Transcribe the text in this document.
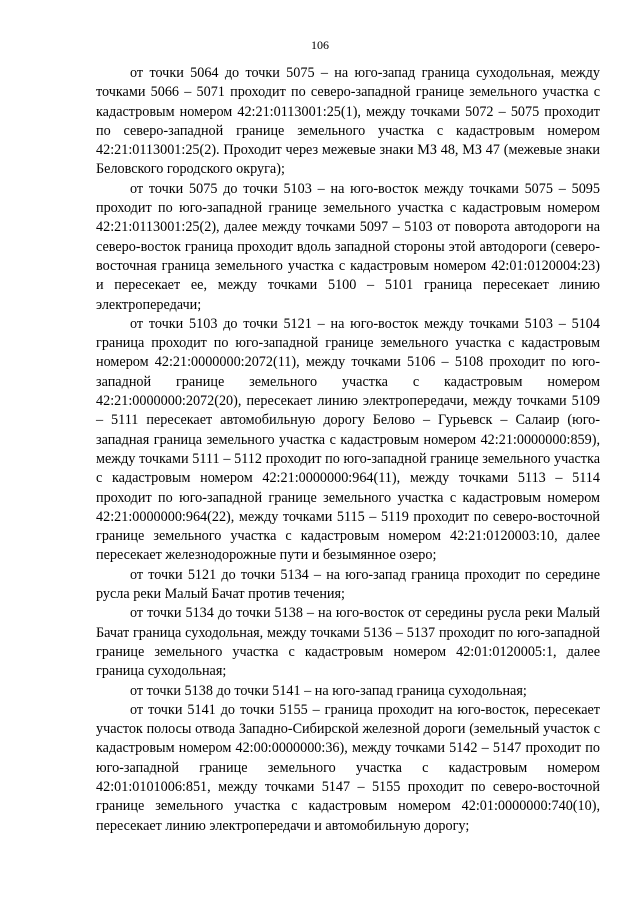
106

от точки 5064 до точки 5075 – на юго-запад граница суходольная, между точками 5066 – 5071 проходит по северо-западной границе земельного участка с кадастровым номером 42:21:0113001:25(1), между точками 5072 – 5075 проходит по северо-западной границе земельного участка с кадастровым номером 42:21:0113001:25(2). Проходит через межевые знаки МЗ 48, МЗ 47 (межевые знаки Беловского городского округа);

от точки 5075 до точки 5103 – на юго-восток между точками 5075 – 5095 проходит по юго-западной границе земельного участка с кадастровым номером 42:21:0113001:25(2), далее между точками 5097 – 5103 от поворота автодороги на северо-восток граница проходит вдоль западной стороны этой автодороги (северо-восточная граница земельного участка с кадастровым номером 42:01:0120004:23) и пересекает ее, между точками 5100 – 5101 граница пересекает линию электропередачи;

от точки 5103 до точки 5121 – на юго-восток между точками 5103 – 5104 граница проходит по юго-западной границе земельного участка с кадастровым номером 42:21:0000000:2072(11), между точками 5106 – 5108 проходит по юго-западной границе земельного участка с кадастровым номером 42:21:0000000:2072(20), пересекает линию электропередачи, между точками 5109 – 5111 пересекает автомобильную дорогу Белово – Гурьевск – Салаир (юго-западная граница земельного участка с кадастровым номером 42:21:0000000:859), между точками 5111 – 5112 проходит по юго-западной границе земельного участка с кадастровым номером 42:21:0000000:964(11), между точками 5113 – 5114 проходит по юго-западной границе земельного участка с кадастровым номером 42:21:0000000:964(22), между точками 5115 – 5119 проходит по северо-восточной границе земельного участка с кадастровым номером 42:21:0120003:10, далее пересекает железнодорожные пути и безымянное озеро;

от точки 5121 до точки 5134 – на юго-запад граница проходит по середине русла реки Малый Бачат против течения;

от точки 5134 до точки 5138 – на юго-восток от середины русла реки Малый Бачат граница суходольная, между точками 5136 – 5137 проходит по юго-западной границе земельного участка с кадастровым номером 42:01:0120005:1, далее граница суходольная;

от точки 5138 до точки 5141 – на юго-запад граница суходольная;

от точки 5141 до точки 5155 – граница проходит на юго-восток, пересекает участок полосы отвода Западно-Сибирской железной дороги (земельный участок с кадастровым номером 42:00:0000000:36), между точками 5142 – 5147 проходит по юго-западной границе земельного участка с кадастровым номером 42:01:0101006:851, между точками 5147 – 5155 проходит по северо-восточной границе земельного участка с кадастровым номером 42:01:0000000:740(10), пересекает линию электропередачи и автомобильную дорогу;
